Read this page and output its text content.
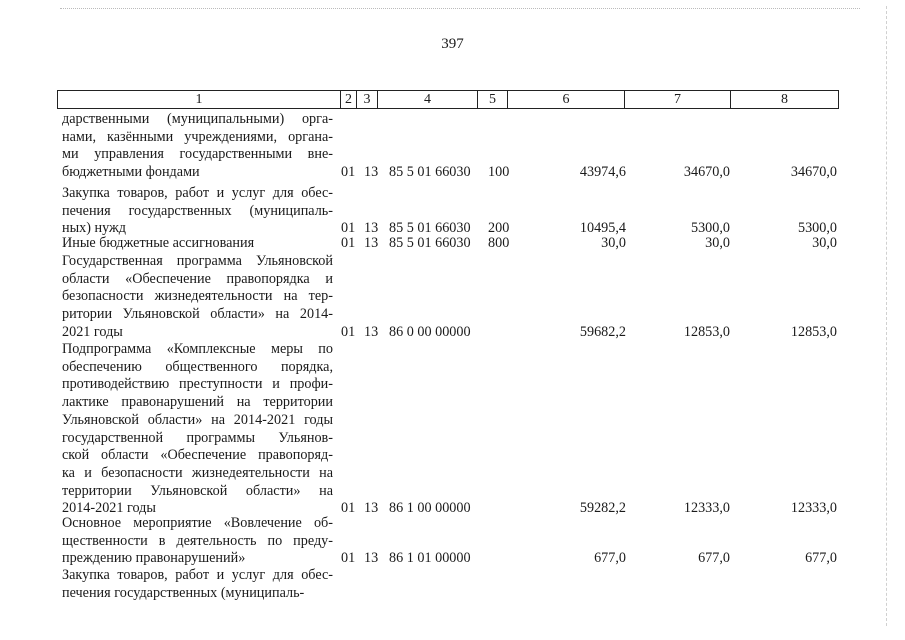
397
1	2 3	4	5	6	7	8
дарственными (муниципальными) орга-
нами, казёнными учреждениями, органа-
ми управления государственными вне-
бюджетными фондами	01 13 85 5 01 66030 100	43974,6	34670,0	34670,0
Закупка товаров, работ и услуг для обес-
печения государственных (муниципаль-
ных) нужд	01 13 85 5 01 66030 200	10495,4	5300,0	5300,0
Иные бюджетные ассигнования	01 13 85 5 01 66030 800	30,0	30,0	30,0
Государственная программа Ульяновской
области «Обеспечение правопорядка и
безопасности жизнедеятельности на тер-
ритории Ульяновской области» на 2014-
2021 годы	01 13 86 0 00 00000	59682,2	12853,0	12853,0
Подпрограмма «Комплексные меры по
обеспечению общественного порядка,
противодействию преступности и профи-
лактике правонарушений на территории
Ульяновской области» на 2014-2021 годы
государственной программы Ульянов-
ской области «Обеспечение правопоряд-
ка и безопасности жизнедеятельности на
территории Ульяновской области» на
2014-2021 годы	01 13 86 1 00 00000	59282,2	12333,0	12333,0
Основное мероприятие «Вовлечение об-
щественности в деятельность по преду-
преждению правонарушений»	01 13 86 1 01 00000	677,0	677,0	677,0
Закупка товаров, работ и услуг для обес-
печения государственных (муниципаль-
